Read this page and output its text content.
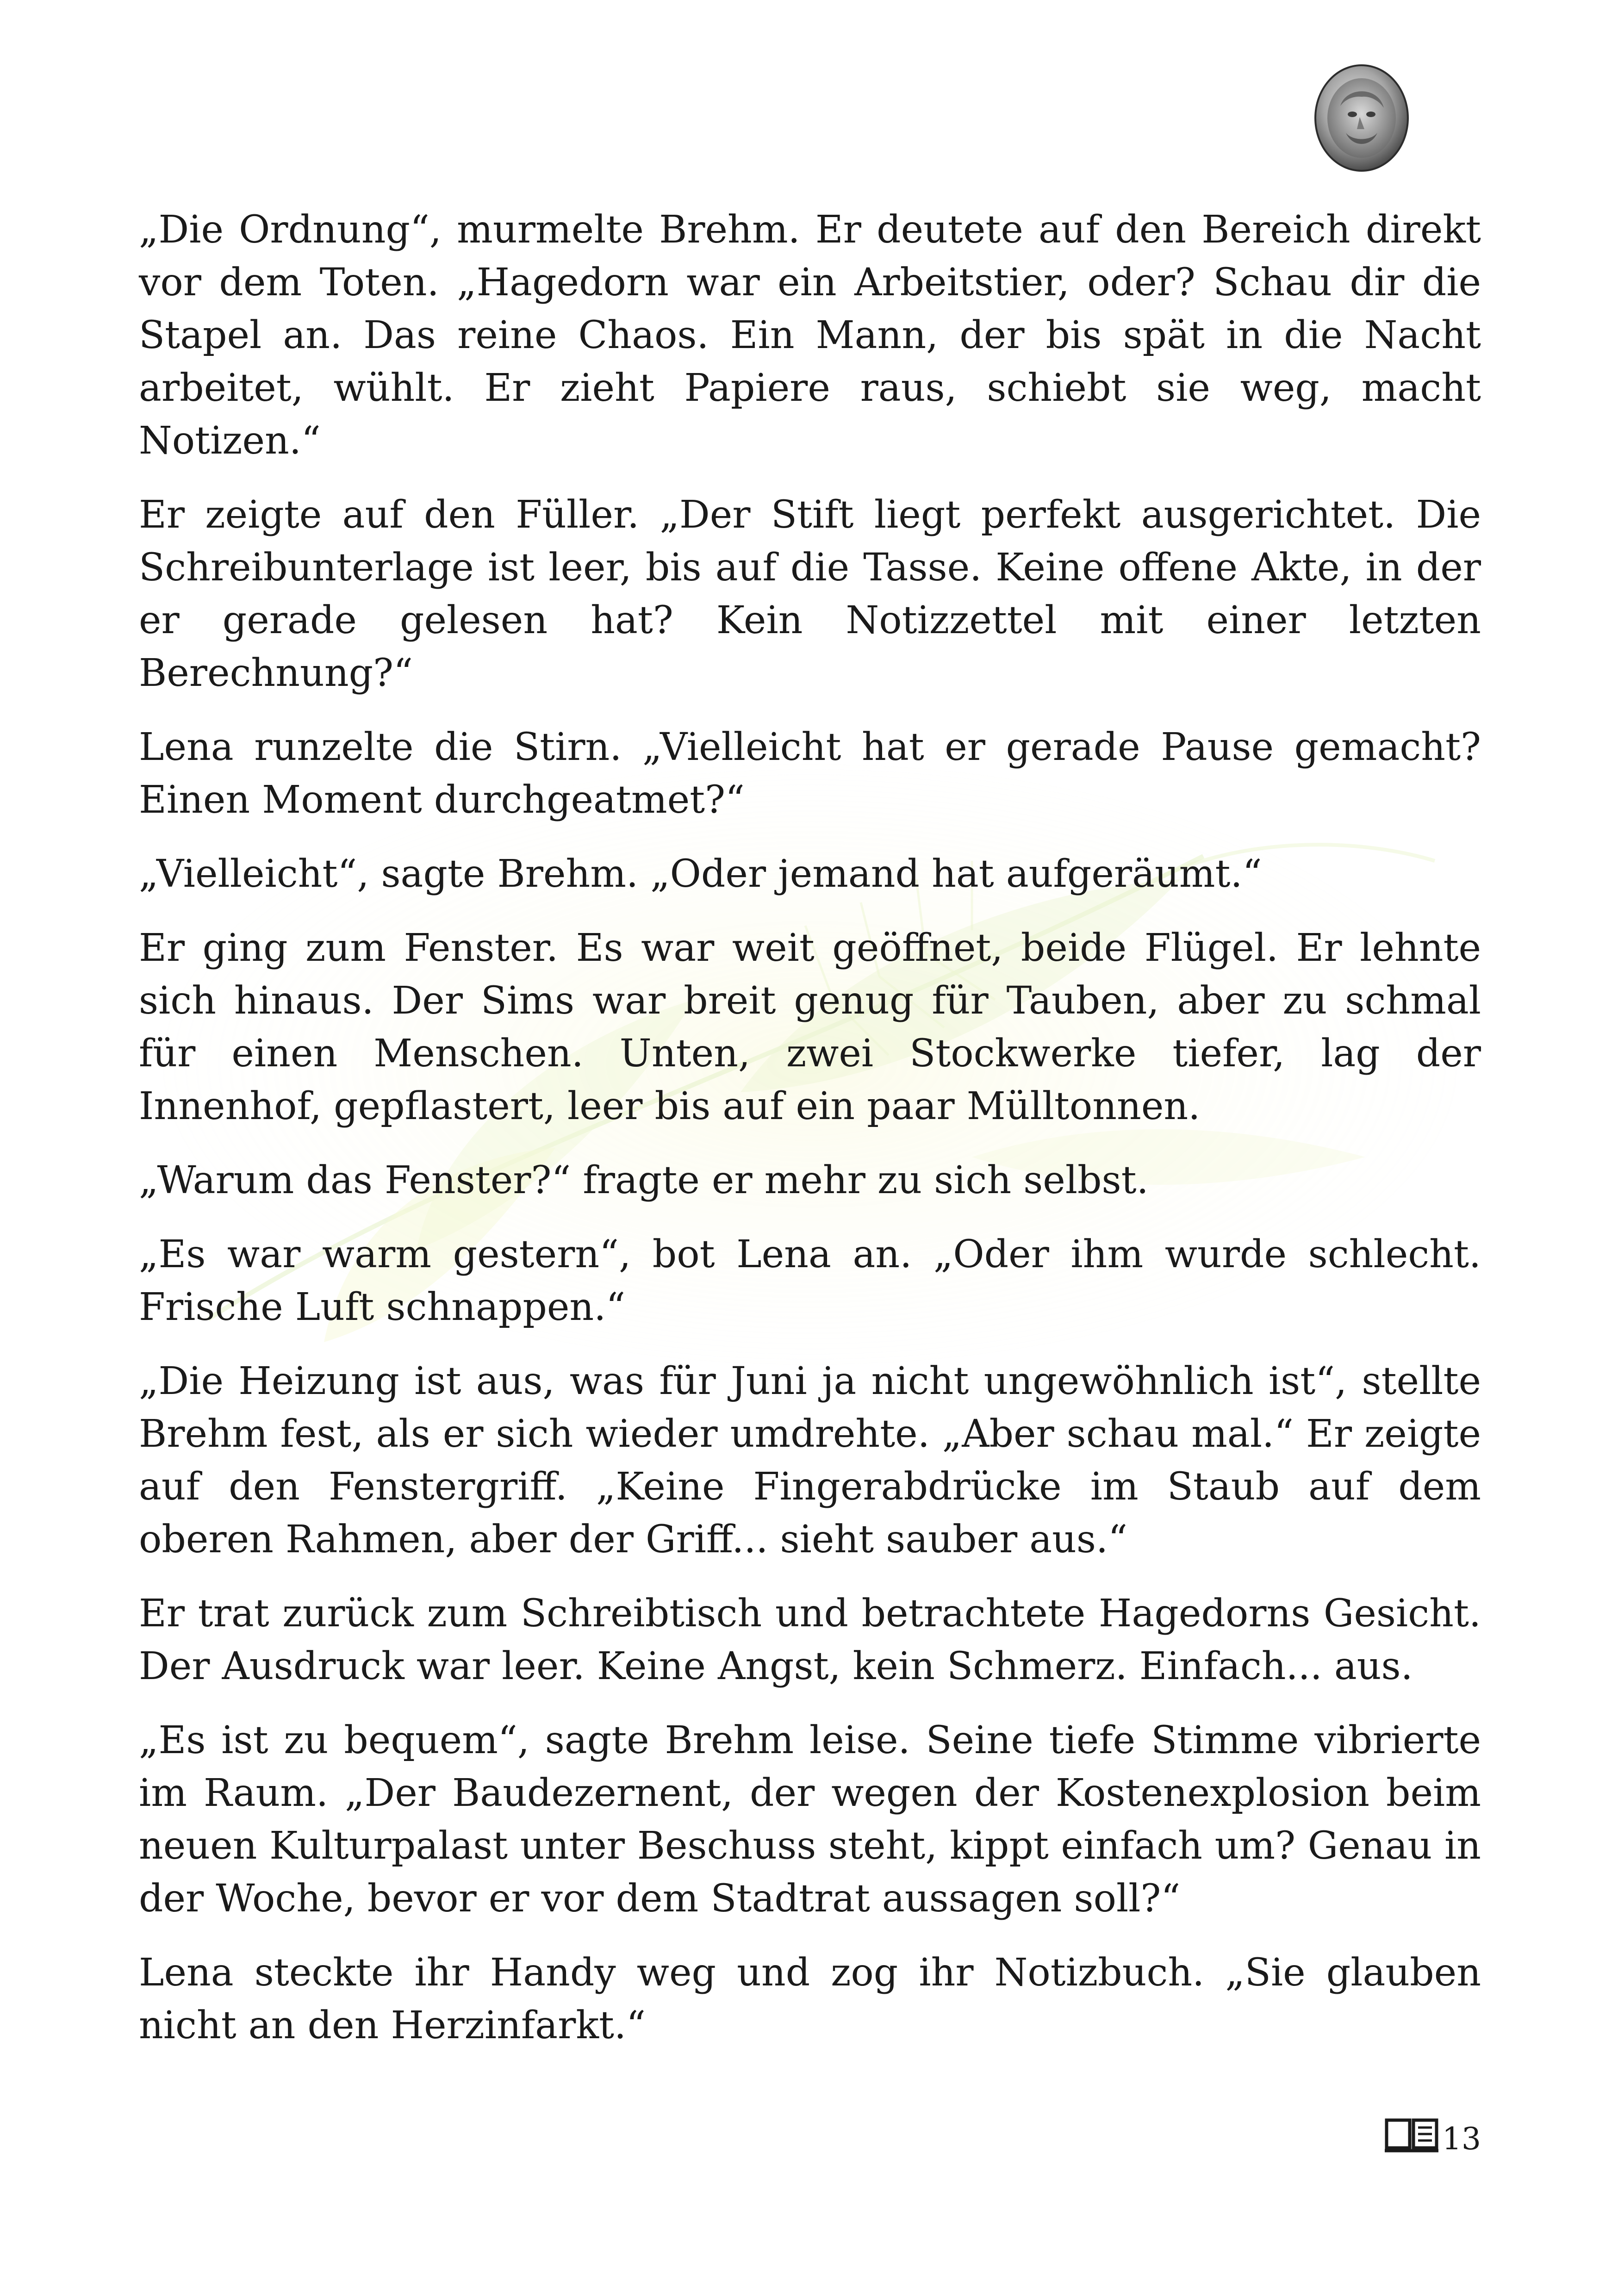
„Die Ordnung“, murmelte Brehm. Er deutete auf den Bereich direkt vor dem Toten. „Hagedorn war ein Arbeitstier, oder? Schau dir die Stapel an. Das reine Chaos. Ein Mann, der bis spät in die Nacht arbeitet, wühlt. Er zieht Papiere raus, schiebt sie weg, macht Notizen.“

Er zeigte auf den Füller. „Der Stift liegt perfekt ausgerichtet. Die Schreibunterlage ist leer, bis auf die Tasse. Keine offene Akte, in der er gerade gelesen hat? Kein Notizzettel mit einer letzten Berechnung?“

Lena runzelte die Stirn. „Vielleicht hat er gerade Pause gemacht? Einen Moment durchgeatmet?“

„Vielleicht“, sagte Brehm. „Oder jemand hat aufgeräumt.“

Er ging zum Fenster. Es war weit geöffnet, beide Flügel. Er lehnte sich hinaus. Der Sims war breit genug für Tauben, aber zu schmal für einen Menschen. Unten, zwei Stockwerke tiefer, lag der Innenhof, gepflastert, leer bis auf ein paar Mülltonnen.

„Warum das Fenster?“ fragte er mehr zu sich selbst.

„Es war warm gestern“, bot Lena an. „Oder ihm wurde schlecht. Frische Luft schnappen.“

„Die Heizung ist aus, was für Juni ja nicht ungewöhnlich ist“, stellte Brehm fest, als er sich wieder umdrehte. „Aber schau mal.“ Er zeigte auf den Fenstergriff. „Keine Fingerabdrücke im Staub auf dem oberen Rahmen, aber der Griff... sieht sauber aus.“

Er trat zurück zum Schreibtisch und betrachtete Hagedorns Gesicht. Der Ausdruck war leer. Keine Angst, kein Schmerz. Einfach... aus.

„Es ist zu bequem“, sagte Brehm leise. Seine tiefe Stimme vibrierte im Raum. „Der Baudezernent, der wegen der Kostenexplosion beim neuen Kulturpalast unter Beschuss steht, kippt einfach um? Genau in der Woche, bevor er vor dem Stadtrat aussagen soll?“

Lena steckte ihr Handy weg und zog ihr Notizbuch. „Sie glauben nicht an den Herzinfarkt.“

13
